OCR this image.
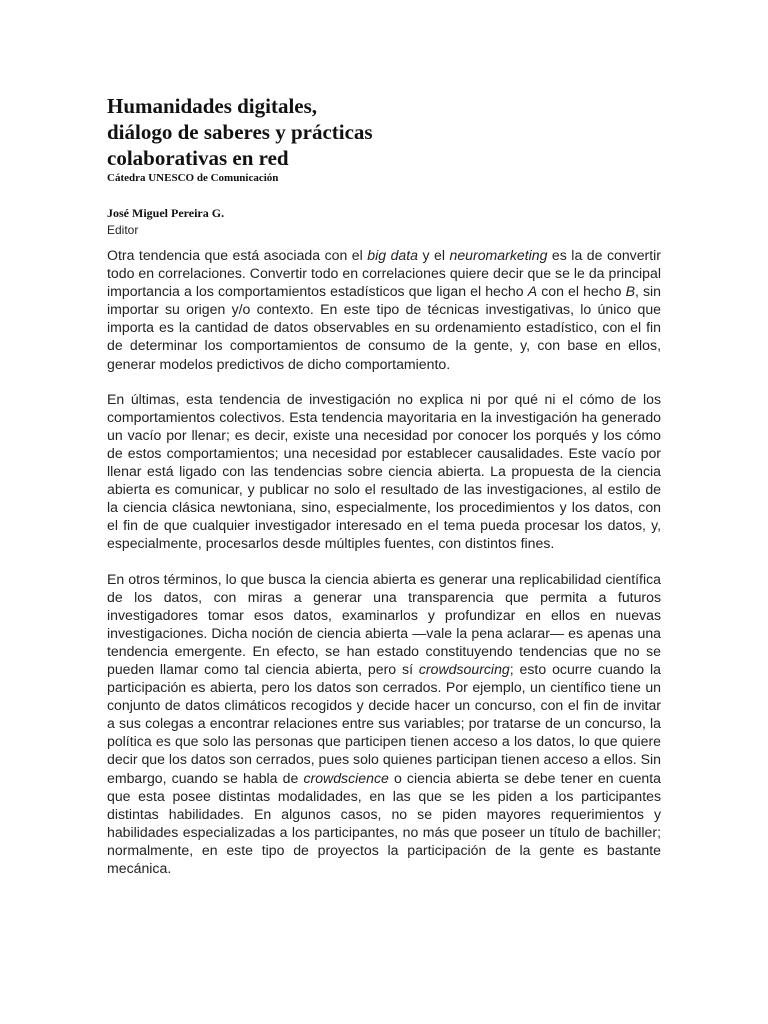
Humanidades digitales,
diálogo de saberes y prácticas
colaborativas en red

Cátedra UNESCO de Comunicación

José Miguel Pereira G.

Editor

Otra tendencia que está asociada con el big data y el neuromarketing es la de convertir todo en correlaciones. Convertir todo en correlaciones quiere decir que se le da principal importancia a los comportamientos estadísticos que ligan el hecho A con el hecho B, sin importar su origen y/o contexto. En este tipo de técnicas investigativas, lo único que importa es la cantidad de datos observables en su ordenamiento estadístico, con el fin de determinar los comportamientos de consumo de la gente, y, con base en ellos, generar modelos predictivos de dicho comportamiento.

En últimas, esta tendencia de investigación no explica ni por qué ni el cómo de los comportamientos colectivos. Esta tendencia mayoritaria en la investigación ha generado un vacío por llenar; es decir, existe una necesidad por conocer los porqués y los cómo de estos comportamientos; una necesidad por establecer causalidades. Este vacío por llenar está ligado con las tendencias sobre ciencia abierta. La propuesta de la ciencia abierta es comunicar, y publicar no solo el resultado de las investigaciones, al estilo de la ciencia clásica newtoniana, sino, especialmente, los procedimientos y los datos, con el fin de que cualquier investigador interesado en el tema pueda procesar los datos, y, especialmente, procesarlos desde múltiples fuentes, con distintos fines.

En otros términos, lo que busca la ciencia abierta es generar una replicabilidad científica de los datos, con miras a generar una transparencia que permita a futuros investigadores tomar esos datos, examinarlos y profundizar en ellos en nuevas investigaciones. Dicha noción de ciencia abierta —vale la pena aclarar— es apenas una tendencia emergente. En efecto, se han estado constituyendo tendencias que no se pueden llamar como tal ciencia abierta, pero sí crowdsourcing; esto ocurre cuando la participación es abierta, pero los datos son cerrados. Por ejemplo, un científico tiene un conjunto de datos climáticos recogidos y decide hacer un concurso, con el fin de invitar a sus colegas a encontrar relaciones entre sus variables; por tratarse de un concurso, la política es que solo las personas que participen tienen acceso a los datos, lo que quiere decir que los datos son cerrados, pues solo quienes participan tienen acceso a ellos. Sin embargo, cuando se habla de crowdscience o ciencia abierta se debe tener en cuenta que esta posee distintas modalidades, en las que se les piden a los participantes distintas habilidades. En algunos casos, no se piden mayores requerimientos y habilidades especializadas a los participantes, no más que poseer un título de bachiller; normalmente, en este tipo de proyectos la participación de la gente es bastante mecánica.
